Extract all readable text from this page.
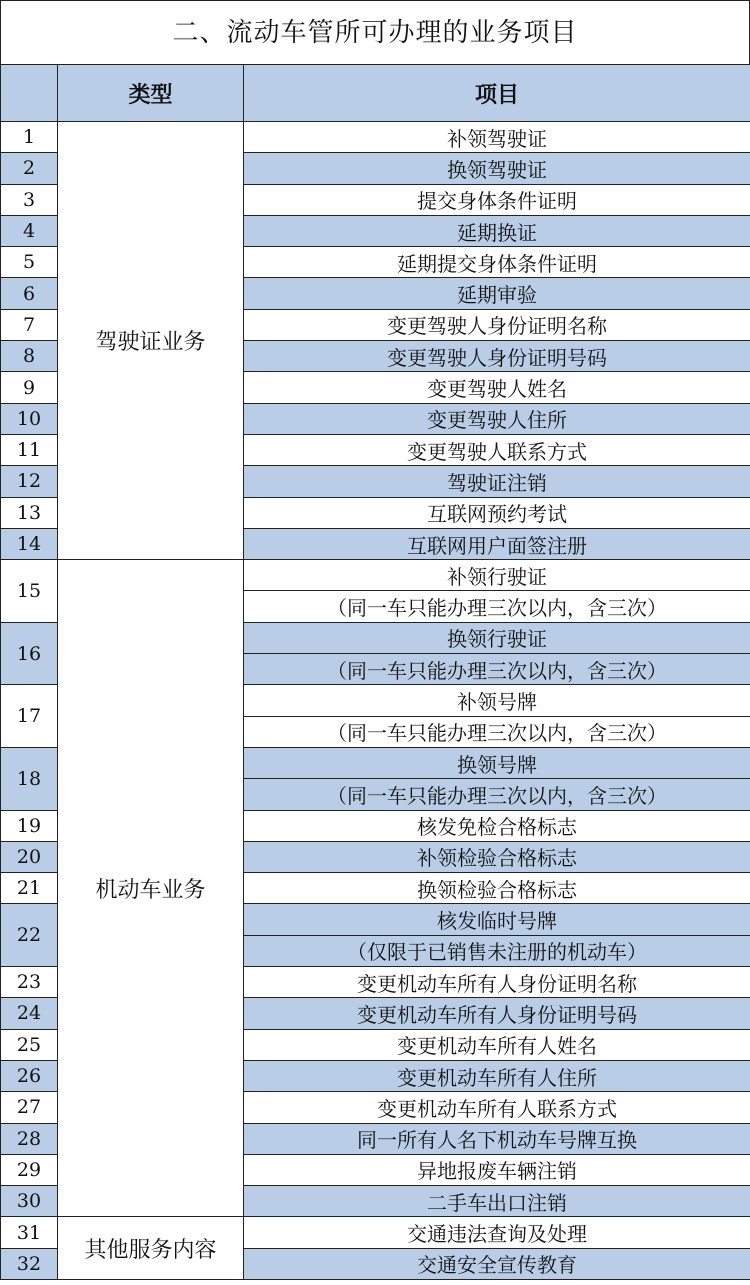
二、流动车管所可办理的业务项目
	类型	项目
1	驾驶证业务	补领驾驶证
2		换领驾驶证
3		提交身体条件证明
4		延期换证
5		延期提交身体条件证明
6		延期审验
7		变更驾驶人身份证明名称
8		变更驾驶人身份证明号码
9		变更驾驶人姓名
10		变更驾驶人住所
11		变更驾驶人联系方式
12		驾驶证注销
13		互联网预约考试
14		互联网用户面签注册
15	机动车业务	补领行驶证
		（同一车只能办理三次以内，含三次）
16		换领行驶证
		（同一车只能办理三次以内，含三次）
17		补领号牌
		（同一车只能办理三次以内，含三次）
18		换领号牌
		（同一车只能办理三次以内，含三次）
19		核发免检合格标志
20		补领检验合格标志
21		换领检验合格标志
22		核发临时号牌
		（仅限于已销售未注册的机动车）
23		变更机动车所有人身份证明名称
24		变更机动车所有人身份证明号码
25		变更机动车所有人姓名
26		变更机动车所有人住所
27		变更机动车所有人联系方式
28		同一所有人名下机动车号牌互换
29		异地报废车辆注销
30		二手车出口注销
31	其他服务内容	交通违法查询及处理
32		交通安全宣传教育
